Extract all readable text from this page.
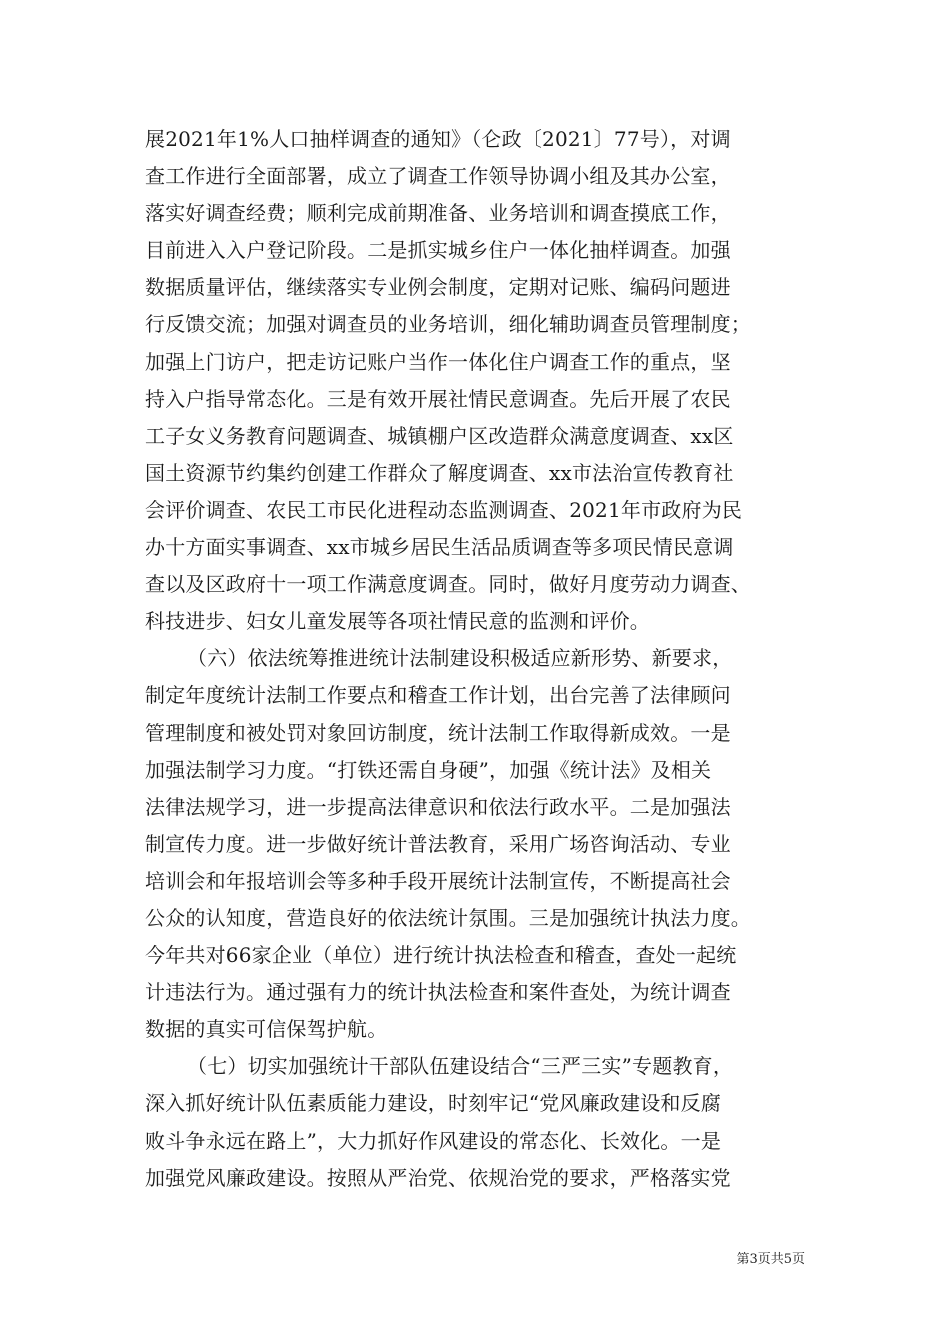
展2021年1%人口抽样调查的通知》（仑政〔2021〕77号），对调
查工作进行全面部署，成立了调查工作领导协调小组及其办公室，
落实好调查经费；顺利完成前期准备、业务培训和调查摸底工作，
目前进入入户登记阶段。二是抓实城乡住户一体化抽样调查。加强
数据质量评估，继续落实专业例会制度，定期对记账、编码问题进
行反馈交流；加强对调查员的业务培训，细化辅助调查员管理制度；
加强上门访户，把走访记账户当作一体化住户调查工作的重点，坚
持入户指导常态化。三是有效开展社情民意调查。先后开展了农民
工子女义务教育问题调查、城镇棚户区改造群众满意度调查、xx区
国土资源节约集约创建工作群众了解度调查、xx市法治宣传教育社
会评价调查、农民工市民化进程动态监测调查、2021年市政府为民
办十方面实事调查、xx市城乡居民生活品质调查等多项民情民意调
查以及区政府十一项工作满意度调查。同时，做好月度劳动力调查、
科技进步、妇女儿童发展等各项社情民意的监测和评价。
（六）依法统筹推进统计法制建设积极适应新形势、新要求，
制定年度统计法制工作要点和稽查工作计划，出台完善了法律顾问
管理制度和被处罚对象回访制度，统计法制工作取得新成效。一是
加强法制学习力度。“打铁还需自身硬”，加强《统计法》及相关
法律法规学习，进一步提高法律意识和依法行政水平。二是加强法
制宣传力度。进一步做好统计普法教育，采用广场咨询活动、专业
培训会和年报培训会等多种手段开展统计法制宣传，不断提高社会
公众的认知度，营造良好的依法统计氛围。三是加强统计执法力度。
今年共对66家企业（单位）进行统计执法检查和稽查，查处一起统
计违法行为。通过强有力的统计执法检查和案件查处，为统计调查
数据的真实可信保驾护航。
（七）切实加强统计干部队伍建设结合“三严三实”专题教育，
深入抓好统计队伍素质能力建设，时刻牢记“党风廉政建设和反腐
败斗争永远在路上”，大力抓好作风建设的常态化、长效化。一是
加强党风廉政建设。按照从严治党、依规治党的要求，严格落实党
第3页共5页
